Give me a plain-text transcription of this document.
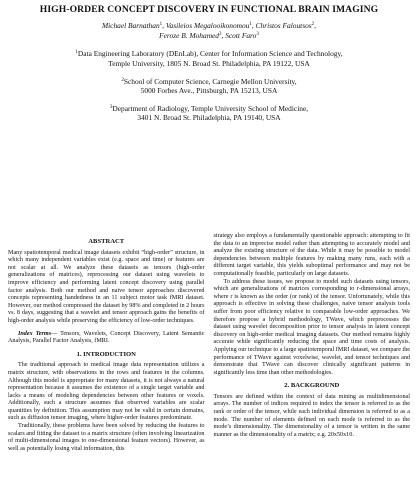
HIGH-ORDER CONCEPT DISCOVERY IN FUNCTIONAL BRAIN IMAGING
Michael Barnathan$^1$, Vasileios Megalooikonomou$^1$, Christos Faloutsos$^2$,
Feroze B. Mohamed$^3$, Scott Faro$^3$
$^1$Data Engineering Laboratory (DEnLab), Center for Information Science and Technology,
Temple University, 1805 N. Broad St. Philadelphia, PA 19122, USA
$^2$School of Computer Science, Carnegie Mellon University,
5000 Forbes Ave., Pittsburgh, PA 15213, USA
$^3$Department of Radiology, Temple University School of Medicine,
3401 N. Broad St. Philadelphia, PA 19140, USA
ABSTRACT

Many spatiotemporal medical image datasets exhibit “high-order” structure, in which many independent variables exist (e.g. space and time) or features are not scalar at all. We analyze these datasets as tensors (high-order generalizations of matrices), reprocessing our dataset using wavelets to improve efficiency and performing latent concept discovery using parallel factor analysis. Both our method and naive tensor approaches discovered concepts representing handedness in an 11 subject motor task fMRI dataset. However, our method compressed the dataset by 98% and completed in 2 hours vs. 8 days, suggesting that a wavelet and tensor approach gains the benefits of high-order analysis while preserving the efficiency of low-order techniques.

Index Terms— Tensors, Wavelets, Concept Discovery, Latent Semantic Analysis, Parallel Factor Analysis, fMRI.

1. INTRODUCTION

The traditional approach to medical image data representation utilizes a matrix structure, with observations in the rows and features in the columns. Although this model is appropriate for many datasets, it is not always a natural representation because it assumes the existence of a single target variable and lacks a means of modeling dependencies between other features or voxels. Additionally, such a structure assumes that observed variables are scalar quantities by definition. This assumption may not be valid in certain domains, such as diffusion tensor imaging, where higher-order features predominate.

Traditionally, these problems have been solved by reducing the features to scalars and fitting the dataset to a matrix structure (often involving linearization of multi-dimensional images to one-dimensional feature vectors). However, as well as potentially losing vital information, this

strategy also employs a fundamentally questionable approach: attempting to fit the data to an imprecise model rather than attempting to accurately model and analyze the existing structure of the data. While it may be possible to model dependencies between multiple features by making many runs, each with a different target variable, this yields suboptimal performance and may not be computationally feasible, particularly on large datasets.

To address these issues, we propose to model such datasets using tensors, which are generalizations of matrices corresponding to r-dimensional arrays, where r is known as the order (or rank) of the tensor. Unfortunately, while this approach is effective in solving these challenges, naive tensor analysis tools suffer from poor efficiency relative to comparable low-order approaches. We therefore propose a hybrid methodology, TWave, which preprocesses the dataset using wavelet decomposition prior to tensor analysis in latent concept discovery on high-order medical imaging datasets. Our method remains highly accurate while significantly reducing the space and time costs of analysis. Applying our technique to a large spatiotemporal fMRI dataset, we compare the performance of TWave against voxelwise, wavelet, and tensor techniques and demonstrate that TWave can discover clinically significant patterns in significantly less time than other methodologies.

2. BACKGROUND

Tensors are defined within the context of data mining as multidimensional arrays. The number of indices required to index the tensor is referred to as the rank or order of the tensor, while each individual dimension is referred to as a mode. The number of elements defined on each mode is referred to as the mode’s dimensionality. The dimensionality of a tensor is written in the same manner as the dimensionality of a matrix; e.g. 20x50x10.
